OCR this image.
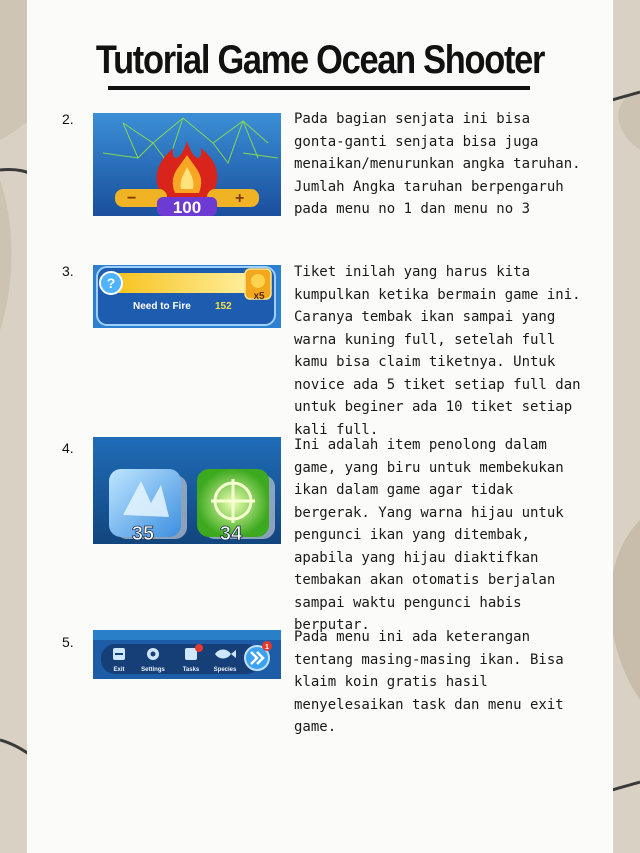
Tutorial Game Ocean Shooter
2.
−	+
100
Pada bagian senjata ini bisa gonta-ganti senjata bisa juga menaikan/menurunkan angka taruhan. Jumlah Angka taruhan berpengaruh pada menu no 1 dan menu no 3
3.
?
x5
Need to Fire 152
Tiket inilah yang harus kita kumpulkan ketika bermain game ini. Caranya tembak ikan sampai yang warna kuning full, setelah full kamu bisa claim tiketnya. Untuk novice ada 5 tiket setiap full dan untuk beginer ada 10 tiket setiap kali full.
4.
35	34
Ini adalah item penolong dalam game, yang biru untuk membekukan ikan dalam game agar tidak bergerak. Yang warna hijau untuk pengunci ikan yang ditembak, apabila yang hijau diaktifkan tembakan akan otomatis berjalan sampai waktu pengunci habis berputar.
5.
Exit	Settings	Tasks Species
1
Pada menu ini ada keterangan tentang masing-masing ikan. Bisa klaim koin gratis hasil menyelesaikan task dan menu exit game.
